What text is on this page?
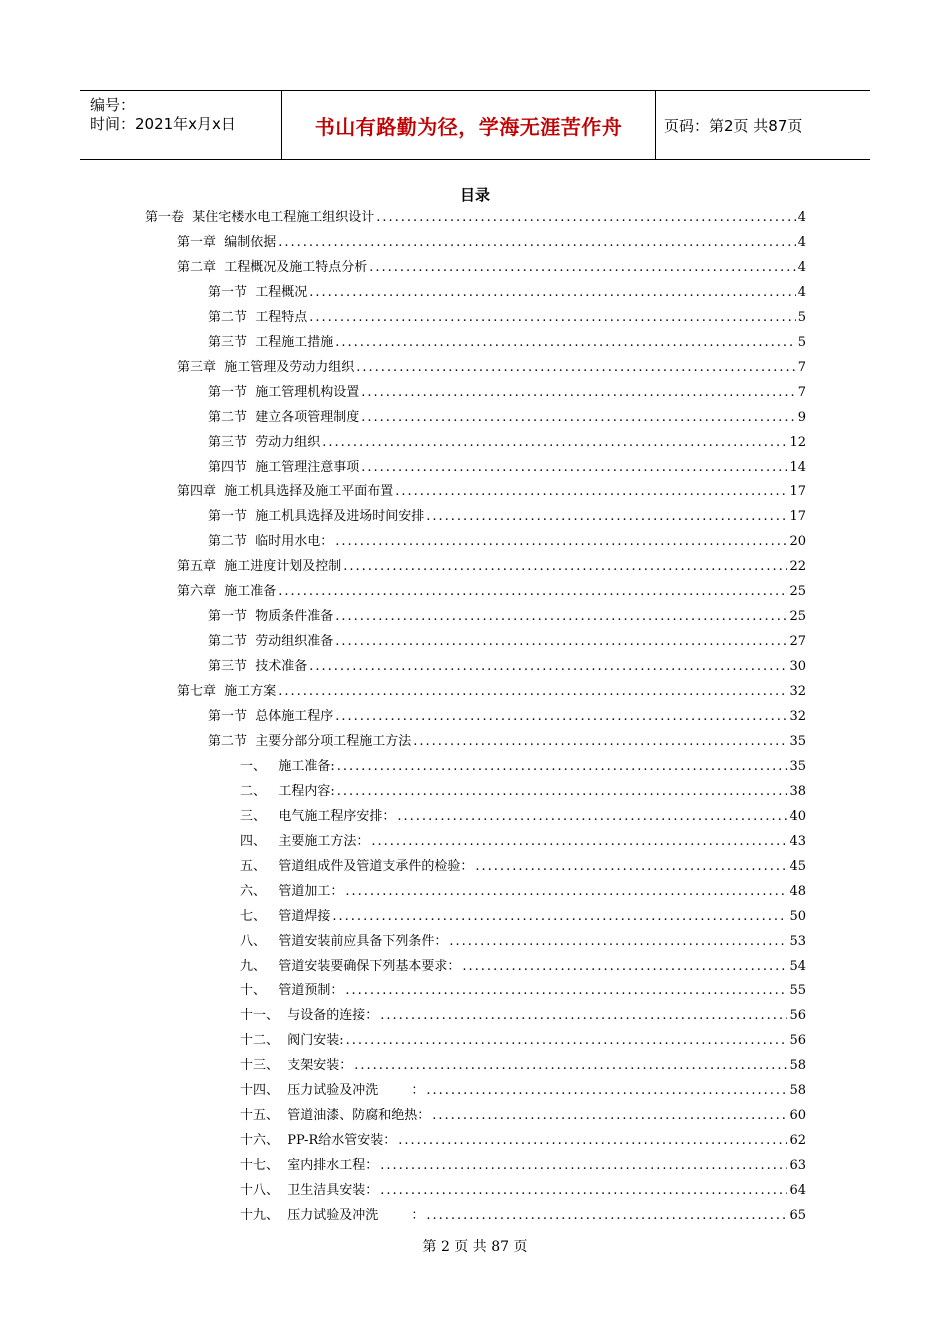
编号：
时间：2021年x月x日	书山有路勤为径，学海无涯苦作舟	页码：第2页 共87页
目录
第一卷  某住宅楼水电工程施工组织设计 .....	4
第一章  编制依据 .....	4
第二章  工程概况及施工特点分析 .....	4
第一节  工程概况 .....	4
第二节  工程特点 .....	5
第三节  工程施工措施 .....	5
第三章  施工管理及劳动力组织 .....	7
第一节  施工管理机构设置 .....	7
第二节  建立各项管理制度 .....	9
第三节  劳动力组织 .....	12
第四节  施工管理注意事项 .....	14
第四章  施工机具选择及施工平面布置 .....	17
第一节  施工机具选择及进场时间安排 .....	17
第二节  临时用水电： .....	20
第五章  施工进度计划及控制 .....	22
第六章  施工准备 .....	25
第一节  物质条件准备 .....	25
第二节  劳动组织准备 .....	27
第三节  技术准备 .....	30
第七章  施工方案 .....	32
第一节  总体施工程序 .....	32
第二节  主要分部分项工程施工方法 .....	35
一、   施工准备: .....	35
二、   工程内容: .....	38
三、   电气施工程序安排： .....	40
四、   主要施工方法： .....	43
五、   管道组成件及管道支承件的检验： .....	45
六、   管道加工： .....	48
七、   管道焊接 .....	50
八、   管道安装前应具备下列条件： .....	53
九、   管道安装要确保下列基本要求： .....	54
十、   管道预制： .....	55
十一、  与设备的连接： .....	56
十二、  阀门安装: .....	56
十三、  支架安装： .....	58
十四、  压力试验及冲洗        ： .....	58
十五、  管道油漆、防腐和绝热： .....	60
十六、  PP-R给水管安装： .....	62
十七、  室内排水工程： .....	63
十八、  卫生洁具安装： .....	64
十九、  压力试验及冲洗        ： .....	65
第 2 页 共 87 页
